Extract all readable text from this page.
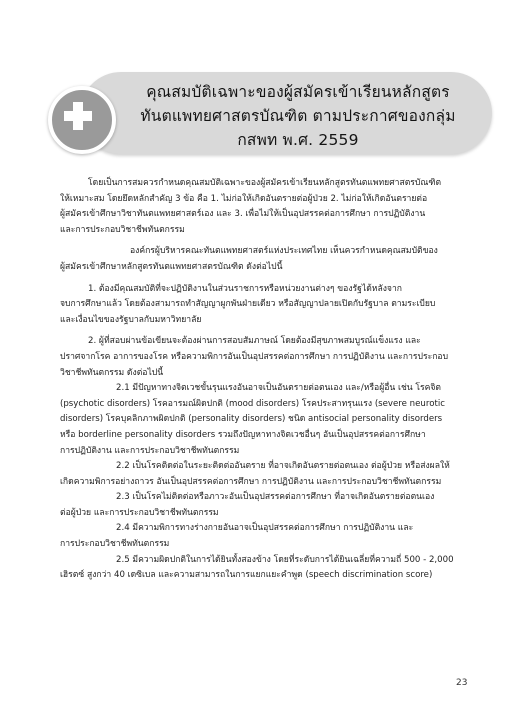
คุณสมบัติเฉพาะของผู้สมัครเข้าเรียนหลักสูตร
ทันตแพทยศาสตรบัณฑิต ตามประกาศของกลุ่ม
กสพท พ.ศ. 2559
โดยเป็นการสมควรกำหนดคุณสมบัติเฉพาะของผู้สมัครเข้าเรียนหลักสูตรทันตแพทยศาสตรบัณฑิต
ให้เหมาะสม โดยยึดหลักสำคัญ 3 ข้อ คือ 1. ไม่ก่อให้เกิดอันตรายต่อผู้ป่วย 2. ไม่ก่อให้เกิดอันตรายต่อ
ผู้สมัครเข้าศึกษาวิชาทันตแพทยศาสตร์เอง และ 3. เพื่อไม่ให้เป็นอุปสรรคต่อการศึกษา การปฏิบัติงาน
และการประกอบวิชาชีพทันตกรรม
องค์กรผู้บริหารคณะทันตแพทยศาสตร์แห่งประเทศไทย เห็นควรกำหนดคุณสมบัติของ
ผู้สมัครเข้าศึกษาหลักสูตรทันตแพทยศาสตรบัณฑิต ดังต่อไปนี้
1. ต้องมีคุณสมบัติที่จะปฏิบัติงานในส่วนราชการหรือหน่วยงานต่างๆ ของรัฐได้หลังจาก
จบการศึกษาแล้ว โดยต้องสามารถทำสัญญาผูกพันฝ่ายเดียว หรือสัญญาปลายเปิดกับรัฐบาล ตามระเบียบ
และเงื่อนไขของรัฐบาลกับมหาวิทยาลัย
2. ผู้ที่สอบผ่านข้อเขียนจะต้องผ่านการสอบสัมภาษณ์ โดยต้องมีสุขภาพสมบูรณ์แข็งแรง และ
ปราศจากโรค อาการของโรค หรือความพิการอันเป็นอุปสรรคต่อการศึกษา การปฏิบัติงาน และการประกอบ
วิชาชีพทันตกรรม ดังต่อไปนี้
2.1 มีปัญหาทางจิตเวชขั้นรุนแรงอันอาจเป็นอันตรายต่อตนเอง และ/หรือผู้อื่น เช่น โรคจิต
(psychotic disorders) โรคอารมณ์ผิดปกติ (mood disorders) โรคประสาทรุนแรง (severe neurotic
disorders) โรคบุคลิกภาพผิดปกติ (personality disorders) ชนิด antisocial personality disorders
หรือ borderline personality disorders รวมถึงปัญหาทางจิตเวชอื่นๆ อันเป็นอุปสรรคต่อการศึกษา
การปฏิบัติงาน และการประกอบวิชาชีพทันตกรรม
2.2 เป็นโรคติดต่อในระยะติดต่ออันตราย ที่อาจเกิดอันตรายต่อตนเอง ต่อผู้ป่วย หรือส่งผลให้
เกิดความพิการอย่างถาวร อันเป็นอุปสรรคต่อการศึกษา การปฏิบัติงาน และการประกอบวิชาชีพทันตกรรม
2.3 เป็นโรคไม่ติดต่อหรือภาวะอันเป็นอุปสรรคต่อการศึกษา ที่อาจเกิดอันตรายต่อตนเอง
ต่อผู้ป่วย และการประกอบวิชาชีพทันตกรรม
2.4 มีความพิการทางร่างกายอันอาจเป็นอุปสรรคต่อการศึกษา การปฏิบัติงาน และ
การประกอบวิชาชีพทันตกรรม
2.5 มีความผิดปกติในการได้ยินทั้งสองข้าง โดยที่ระดับการได้ยินเฉลี่ยที่ความถี่ 500 - 2,000
เฮิรตซ์ สูงกว่า 40 เดซิเบล และความสามารถในการแยกแยะคำพูด (speech discrimination score)
23
